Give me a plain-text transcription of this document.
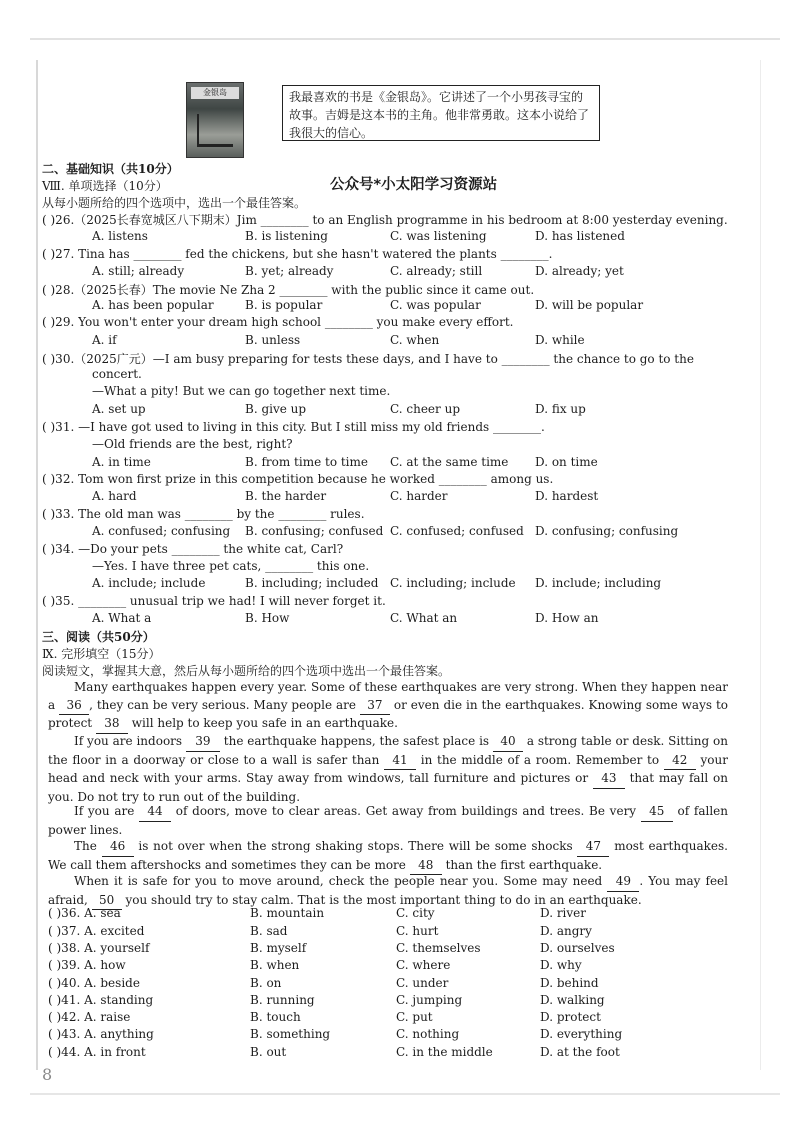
金银岛	我最喜欢的书是《金银岛》。它讲述了一个小男孩寻宝的故事。吉姆是这本书的主角。他非常勇敢。这本小说给了我很大的信心。
二、基础知识（共10分）
Ⅷ. 单项选择（10分）	公众号*小太阳学习资源站
从每小题所给的四个选项中，选出一个最佳答案。
( )26.（2025长春宽城区八下期末）Jim ________ to an English programme in his bedroom at 8:00 yesterday evening.
A. listens	B. is listening	C. was listening	D. has listened
( )27. Tina has ________ fed the chickens, but she hasn't watered the plants ________.
A. still; already	B. yet; already	C. already; still	D. already; yet
( )28.（2025长春）The movie Ne Zha 2 ________ with the public since it came out.
A. has been popular	B. is popular	C. was popular	D. will be popular
( )29. You won't enter your dream high school ________ you make every effort.
A. if	B. unless	C. when	D. while
( )30.（2025广元）—I am busy preparing for tests these days, and I have to ________ the chance to go to the
concert.
—What a pity! But we can go together next time.
A. set up	B. give up	C. cheer up	D. fix up
( )31. —I have got used to living in this city. But I still miss my old friends ________.
—Old friends are the best, right?
A. in time	B. from time to time C. at the same time D. on time
( )32. Tom won first prize in this competition because he worked ________ among us.
A. hard	B. the harder	C. harder	D. hardest
( )33. The old man was ________ by the ________ rules.
A. confused; confusing B. confusing; confused C. confused; confused D. confusing; confusing
( )34. —Do your pets ________ the white cat, Carl?
—Yes. I have three pet cats, ________ this one.
A. include; include	B. including; included C. including; include D. include; including
( )35. ________ unusual trip we had! I will never forget it.
A. What a	B. How	C. What an	D. How an
三、阅读（共50分）
Ⅸ. 完形填空（15分）
阅读短文，掌握其大意，然后从每小题所给的四个选项中选出一个最佳答案。
Many earthquakes happen every year. Some of these earthquakes are very strong. When they happen near a 36 , they can be very serious. Many people are 37 or even die in the earthquakes. Knowing some ways to protect 38 will help to keep you safe in an earthquake.
If you are indoors 39 the earthquake happens, the safest place is 40 a strong table or desk. Sitting on the floor in a doorway or close to a wall is safer than 41 in the middle of a room. Remember to 42 your head and neck with your arms. Stay away from windows, tall furniture and pictures or 43 that may fall on you. Do not try to run out of the building.
If you are 44 of doors, move to clear areas. Get away from buildings and trees. Be very 45 of fallen power lines.
The 46 is not over when the strong shaking stops. There will be some shocks 47 most earthquakes. We call them aftershocks and sometimes they can be more 48 than the first earthquake.
When it is safe for you to move around, check the people near you. Some may need 49 . You may feel afraid, 50 you should try to stay calm. That is the most important thing to do in an earthquake.
( )36. A. sea	B. mountain	C. city	D. river
( )37. A. excited	B. sad	C. hurt	D. angry
( )38. A. yourself	B. myself	C. themselves	D. ourselves
( )39. A. how	B. when	C. where	D. why
( )40. A. beside	B. on	C. under	D. behind
( )41. A. standing	B. running	C. jumping	D. walking
( )42. A. raise	B. touch	C. put	D. protect
( )43. A. anything	B. something	C. nothing	D. everything
( )44. A. in front	B. out	C. in the middle	D. at the foot
8
